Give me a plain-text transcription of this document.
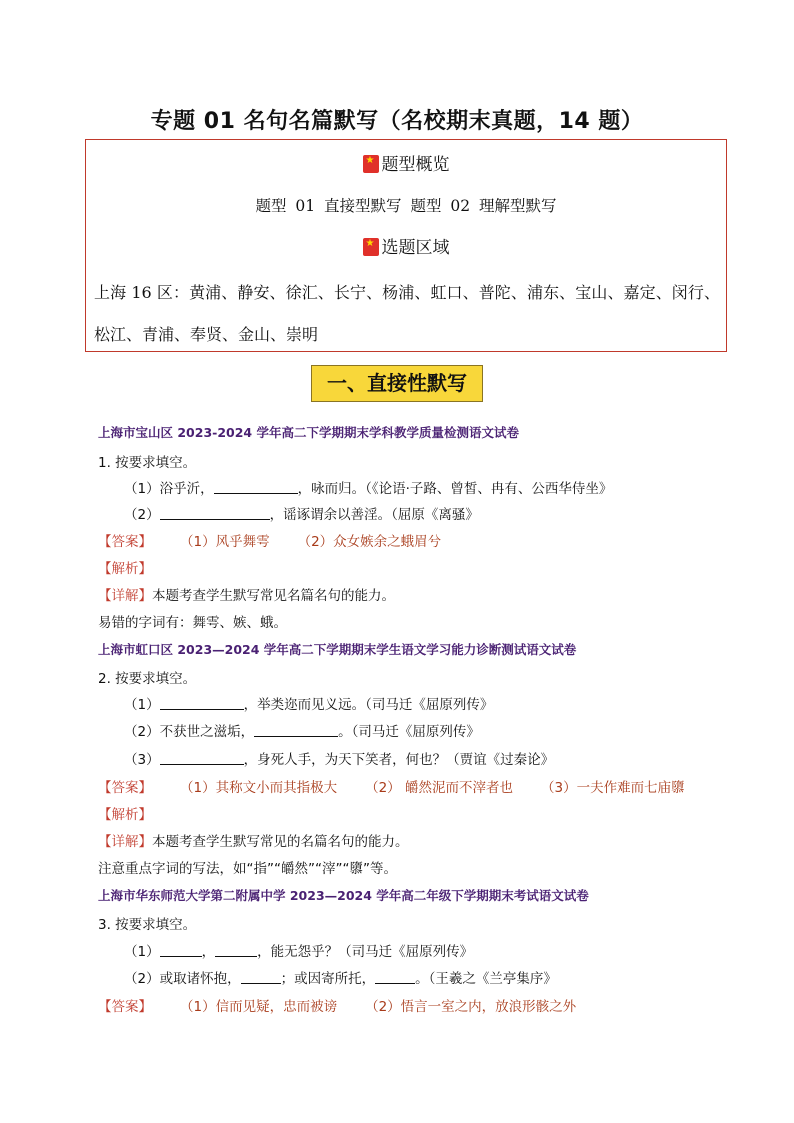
专题 01 名句名篇默写（名校期末真题，14 题）
★题型概览
题型 01 直接型默写 题型 02 理解型默写
★选题区域
上海 16 区：黄浦、静安、徐汇、长宁、杨浦、虹口、普陀、浦东、宝山、嘉定、闵行、松江、青浦、奉贤、金山、崇明
一、直接性默写
上海市宝山区 2023-2024 学年高二下学期期末学科教学质量检测语文试卷
1. 按要求填空。
（1）浴乎沂，	，咏而归。（《论语·子路、曾皙、冉有、公西华侍坐》
（2）	，谣诼谓余以善淫。（屈原《离骚》
【答案】 （1）风乎舞雩 （2）众女嫉余之蛾眉兮
【解析】
【详解】本题考查学生默写常见名篇名句的能力。
易错的字词有：舞雩、嫉、蛾。
上海市虹口区 2023—2024 学年高二下学期期末学生语文学习能力诊断测试语文试卷
2. 按要求填空。
（1）	，举类迩而见义远。（司马迁《屈原列传》
（2）不获世之滋垢，	。（司马迁《屈原列传》
（3）	，身死人手，为天下笑者，何也？（贾谊《过秦论》
【答案】 （1）其称文小而其指极大 （2） 皭然泥而不滓者也 （3）一夫作难而七庙隳
【解析】
【详解】本题考查学生默写常见的名篇名句的能力。
注意重点字词的写法，如“指”“皭然”“滓”“隳”等。
上海市华东师范大学第二附属中学 2023—2024 学年高二年级下学期期末考试语文试卷
3. 按要求填空。
（1）	，	，能无怨乎？（司马迁《屈原列传》
（2）或取诸怀抱，	；或因寄所托，	。（王羲之《兰亭集序》
【答案】 （1）信而见疑，忠而被谤 （2）悟言一室之内，放浪形骸之外
